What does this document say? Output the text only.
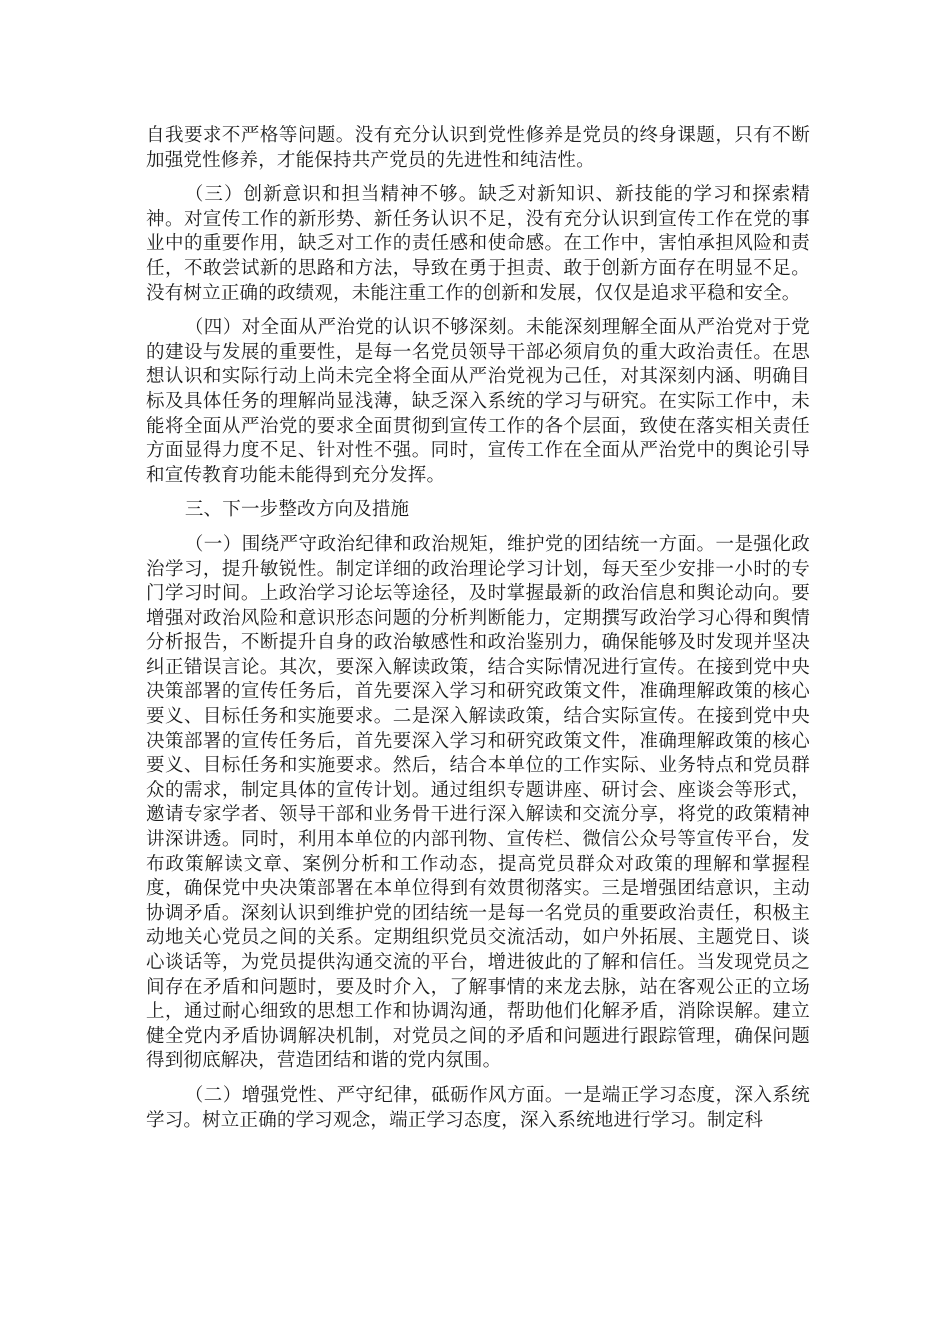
自我要求不严格等问题。没有充分认识到党性修养是党员的终身课题，只有不断加强党性修养，才能保持共产党员的先进性和纯洁性。

（三）创新意识和担当精神不够。缺乏对新知识、新技能的学习和探索精神。对宣传工作的新形势、新任务认识不足，没有充分认识到宣传工作在党的事业中的重要作用，缺乏对工作的责任感和使命感。在工作中，害怕承担风险和责任，不敢尝试新的思路和方法，导致在勇于担责、敢于创新方面存在明显不足。没有树立正确的政绩观，未能注重工作的创新和发展，仅仅是追求平稳和安全。

（四）对全面从严治党的认识不够深刻。未能深刻理解全面从严治党对于党的建设与发展的重要性，是每一名党员领导干部必须肩负的重大政治责任。在思想认识和实际行动上尚未完全将全面从严治党视为己任，对其深刻内涵、明确目标及具体任务的理解尚显浅薄，缺乏深入系统的学习与研究。在实际工作中，未能将全面从严治党的要求全面贯彻到宣传工作的各个层面，致使在落实相关责任方面显得力度不足、针对性不强。同时，宣传工作在全面从严治党中的舆论引导和宣传教育功能未能得到充分发挥。

三、下一步整改方向及措施

（一）围绕严守政治纪律和政治规矩，维护党的团结统一方面。一是强化政治学习，提升敏锐性。制定详细的政治理论学习计划，每天至少安排一小时的专门学习时间。上政治学习论坛等途径，及时掌握最新的政治信息和舆论动向。要增强对政治风险和意识形态问题的分析判断能力，定期撰写政治学习心得和舆情分析报告，不断提升自身的政治敏感性和政治鉴别力，确保能够及时发现并坚决纠正错误言论。其次，要深入解读政策，结合实际情况进行宣传。在接到党中央决策部署的宣传任务后，首先要深入学习和研究政策文件，准确理解政策的核心要义、目标任务和实施要求。二是深入解读政策，结合实际宣传。在接到党中央决策部署的宣传任务后，首先要深入学习和研究政策文件，准确理解政策的核心要义、目标任务和实施要求。然后，结合本单位的工作实际、业务特点和党员群众的需求，制定具体的宣传计划。通过组织专题讲座、研讨会、座谈会等形式，邀请专家学者、领导干部和业务骨干进行深入解读和交流分享，将党的政策精神讲深讲透。同时，利用本单位的内部刊物、宣传栏、微信公众号等宣传平台，发布政策解读文章、案例分析和工作动态，提高党员群众对政策的理解和掌握程度，确保党中央决策部署在本单位得到有效贯彻落实。三是增强团结意识，主动协调矛盾。深刻认识到维护党的团结统一是每一名党员的重要政治责任，积极主动地关心党员之间的关系。定期组织党员交流活动，如户外拓展、主题党日、谈心谈话等，为党员提供沟通交流的平台，增进彼此的了解和信任。当发现党员之间存在矛盾和问题时，要及时介入，了解事情的来龙去脉，站在客观公正的立场上，通过耐心细致的思想工作和协调沟通，帮助他们化解矛盾，消除误解。建立健全党内矛盾协调解决机制，对党员之间的矛盾和问题进行跟踪管理，确保问题得到彻底解决，营造团结和谐的党内氛围。

（二）增强党性、严守纪律，砥砺作风方面。一是端正学习态度，深入系统学习。树立正确的学习观念，端正学习态度，深入系统地进行学习。制定科
